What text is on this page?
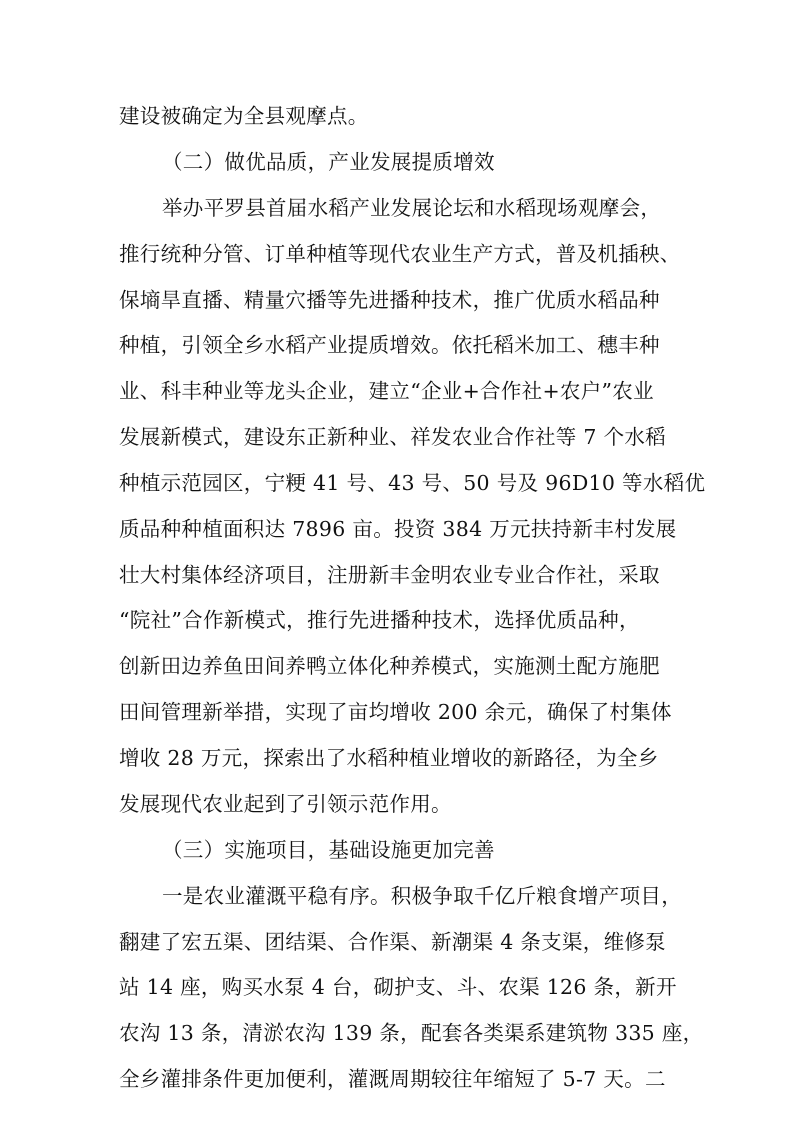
建设被确定为全县观摩点。
（二）做优品质，产业发展提质增效
举办平罗县首届水稻产业发展论坛和水稻现场观摩会，
推行统种分管、订单种植等现代农业生产方式，普及机插秧、
保墒旱直播、精量穴播等先进播种技术，推广优质水稻品种
种植，引领全乡水稻产业提质增效。依托稻米加工、穗丰种
业、科丰种业等龙头企业，建立“企业+合作社+农户”农业
发展新模式，建设东正新种业、祥发农业合作社等 7 个水稻
种植示范园区，宁粳 41 号、43 号、50 号及 96D10 等水稻优
质品种种植面积达 7896 亩。投资 384 万元扶持新丰村发展
壮大村集体经济项目，注册新丰金明农业专业合作社，采取
“院社”合作新模式，推行先进播种技术，选择优质品种，
创新田边养鱼田间养鸭立体化种养模式，实施测土配方施肥
田间管理新举措，实现了亩均增收 200 余元，确保了村集体
增收 28 万元，探索出了水稻种植业增收的新路径，为全乡
发展现代农业起到了引领示范作用。
（三）实施项目，基础设施更加完善
一是农业灌溉平稳有序。积极争取千亿斤粮食增产项目，
翻建了宏五渠、团结渠、合作渠、新潮渠 4 条支渠，维修泵
站 14 座，购买水泵 4 台，砌护支、斗、农渠 126 条，新开
农沟 13 条，清淤农沟 139 条，配套各类渠系建筑物 335 座，
全乡灌排条件更加便利，灌溉周期较往年缩短了 5-7 天。二
